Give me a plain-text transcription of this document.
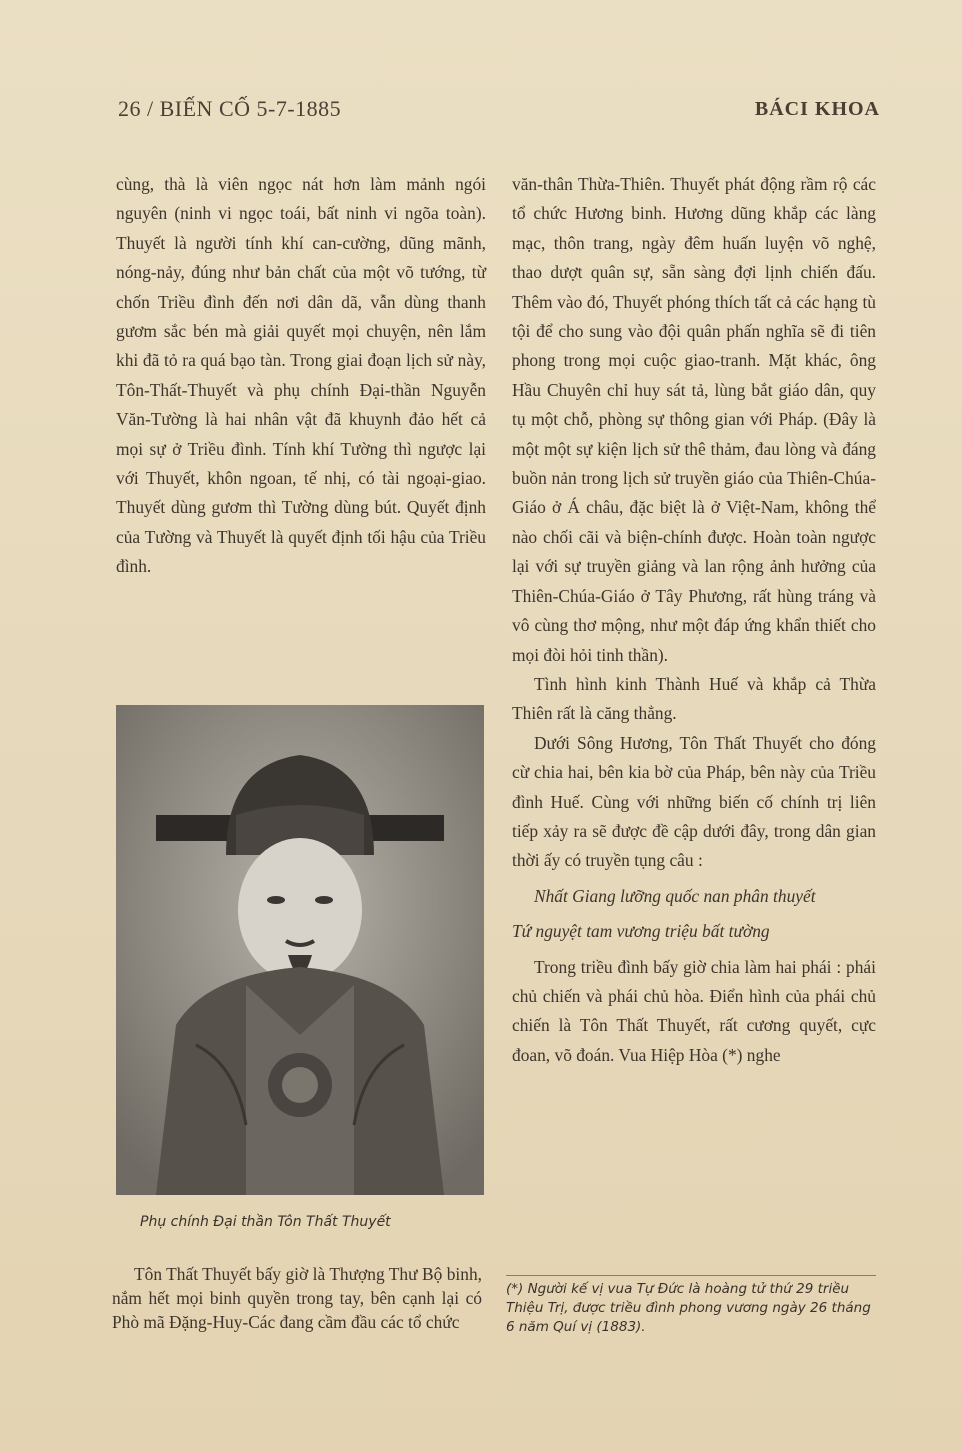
26 / BIẾN CỐ 5-7-1885	BÁCI KHOA

cùng, thà là viên ngọc nát hơn làm mảnh ngói nguyên (ninh vi ngọc toái, bất ninh vi ngõa toàn). Thuyết là người tính khí can-cường, dũng mãnh, nóng-nảy, đúng như bản chất của một võ tướng, từ chốn Triều đình đến nơi dân dã, vẫn dùng thanh gươm sắc bén mà giải quyết mọi chuyện, nên lắm khi đã tỏ ra quá bạo tàn. Trong giai đoạn lịch sử này, Tôn-Thất-Thuyết và phụ chính Đại-thần Nguyễn Văn-Tường là hai nhân vật đã khuynh đảo hết cả mọi sự ở Triều đình. Tính khí Tường thì ngược lại với Thuyết, khôn ngoan, tế nhị, có tài ngoại-giao. Thuyết dùng gươm thì Tường dùng bút. Quyết định của Tường và Thuyết là quyết định tối hậu của Triều đình.

Phụ chính Đại thần Tôn Thất Thuyết

Tôn Thất Thuyết bấy giờ là Thượng Thư Bộ binh, nắm hết mọi binh quyền trong tay, bên cạnh lại có Phò mã Đặng-Huy-Các đang cầm đầu các tổ chức

văn-thân Thừa-Thiên. Thuyết phát động rầm rộ các tổ chức Hương binh. Hương dũng khắp các làng mạc, thôn trang, ngày đêm huấn luyện võ nghệ, thao dượt quân sự, sẵn sàng đợi lịnh chiến đấu. Thêm vào đó, Thuyết phóng thích tất cả các hạng tù tội để cho sung vào đội quân phấn nghĩa sẽ đi tiên phong trong mọi cuộc giao-tranh. Mặt khác, ông Hầu Chuyên chỉ huy sát tả, lùng bắt giáo dân, quy tụ một chỗ, phòng sự thông gian với Pháp. (Đây là một một sự kiện lịch sử thê thảm, đau lòng và đáng buồn nản trong lịch sử truyền giáo của Thiên-Chúa-Giáo ở Á châu, đặc biệt là ở Việt-Nam, không thể nào chối cãi và biện-chính được. Hoàn toàn ngược lại với sự truyền giảng và lan rộng ảnh hưởng của Thiên-Chúa-Giáo ở Tây Phương, rất hùng tráng và vô cùng thơ mộng, như một đáp ứng khẩn thiết cho mọi đòi hỏi tinh thần).

Tình hình kinh Thành Huế và khắp cả Thừa Thiên rất là căng thẳng.

Dưới Sông Hương, Tôn Thất Thuyết cho đóng cừ chia hai, bên kia bờ của Pháp, bên này của Triều đình Huế. Cùng với những biến cố chính trị liên tiếp xảy ra sẽ được đề cập dưới đây, trong dân gian thời ấy có truyền tụng câu :

Nhất Giang lưỡng quốc nan phân thuyết

Tứ nguyệt tam vương triệu bất tường

Trong triều đình bấy giờ chia làm hai phái : phái chủ chiến và phái chủ hòa. Điển hình của phái chủ chiến là Tôn Thất Thuyết, rất cương quyết, cực đoan, võ đoán. Vua Hiệp Hòa (*) nghe

(*) Người kế vị vua Tự Đức là hoàng tử thứ 29 triều Thiệu Trị, được triều đình phong vương ngày 26 tháng 6 năm Quí vị (1883).
